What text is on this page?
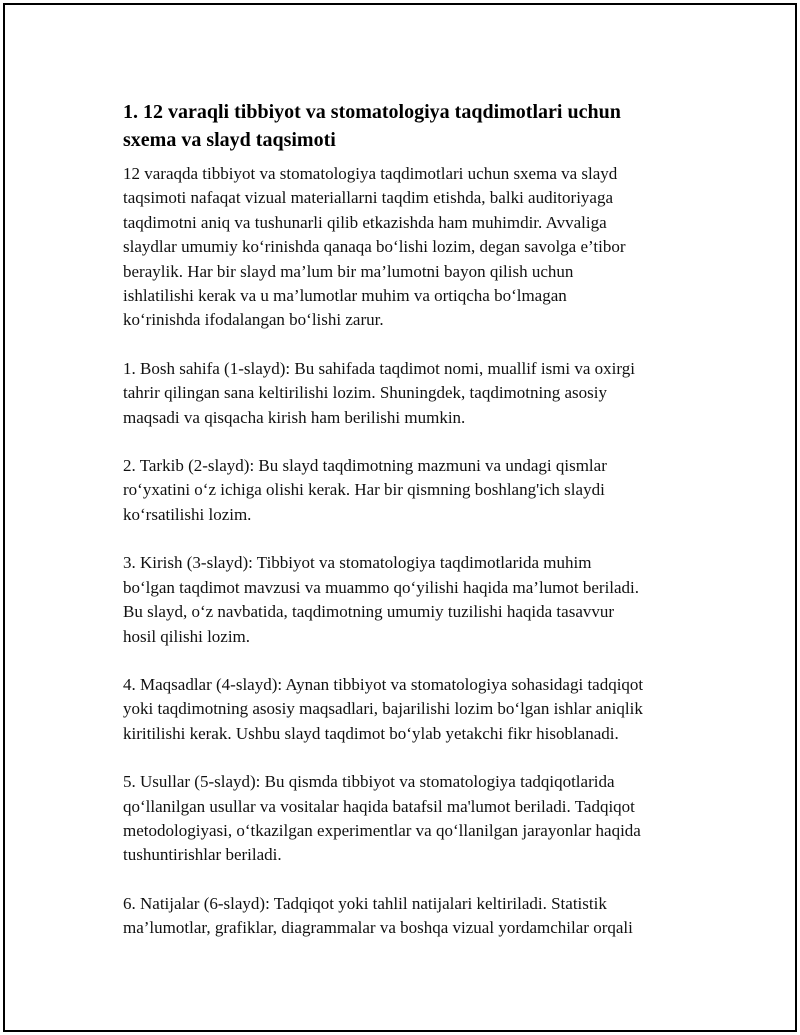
1. 12 varaqli tibbiyot va stomatologiya taqdimotlari uchun
sxema va slayd taqsimoti

12 varaqda tibbiyot va stomatologiya taqdimotlari uchun sxema va slayd
taqsimoti nafaqat vizual materiallarni taqdim etishda, balki auditoriyaga
taqdimotni aniq va tushunarli qilib etkazishda ham muhimdir. Avvaliga
slaydlar umumiy ko‘rinishda qanaqa bo‘lishi lozim, degan savolga e’tibor
beraylik. Har bir slayd ma’lum bir ma’lumotni bayon qilish uchun
ishlatilishi kerak va u ma’lumotlar muhim va ortiqcha bo‘lmagan
ko‘rinishda ifodalangan bo‘lishi zarur.

1. Bosh sahifa (1-slayd): Bu sahifada taqdimot nomi, muallif ismi va oxirgi
tahrir qilingan sana keltirilishi lozim. Shuningdek, taqdimotning asosiy
maqsadi va qisqacha kirish ham berilishi mumkin.

2. Tarkib (2-slayd): Bu slayd taqdimotning mazmuni va undagi qismlar
ro‘yxatini o‘z ichiga olishi kerak. Har bir qismning boshlang'ich slaydi
ko‘rsatilishi lozim.

3. Kirish (3-slayd): Tibbiyot va stomatologiya taqdimotlarida muhim
bo‘lgan taqdimot mavzusi va muammo qo‘yilishi haqida ma’lumot beriladi.
Bu slayd, o‘z navbatida, taqdimotning umumiy tuzilishi haqida tasavvur
hosil qilishi lozim.

4. Maqsadlar (4-slayd): Aynan tibbiyot va stomatologiya sohasidagi tadqiqot
yoki taqdimotning asosiy maqsadlari, bajarilishi lozim bo‘lgan ishlar aniqlik
kiritilishi kerak. Ushbu slayd taqdimot bo‘ylab yetakchi fikr hisoblanadi.

5. Usullar (5-slayd): Bu qismda tibbiyot va stomatologiya tadqiqotlarida
qo‘llanilgan usullar va vositalar haqida batafsil ma'lumot beriladi. Tadqiqot
metodologiyasi, o‘tkazilgan experimentlar va qo‘llanilgan jarayonlar haqida
tushuntirishlar beriladi.

6. Natijalar (6-slayd): Tadqiqot yoki tahlil natijalari keltiriladi. Statistik
ma’lumotlar, grafiklar, diagrammalar va boshqa vizual yordamchilar orqali
